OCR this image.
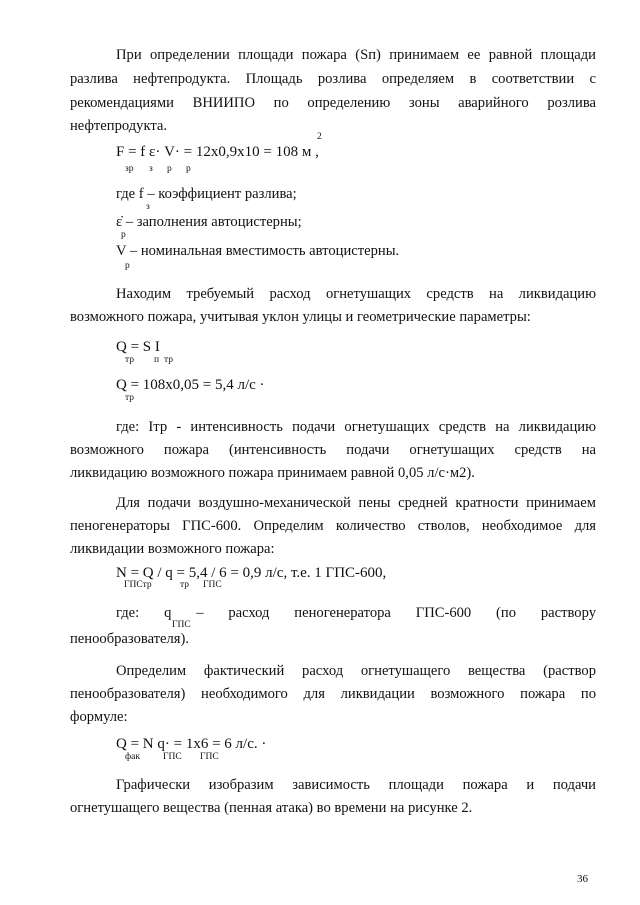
При определении площади пожара (Sп) принимаем ее равной площади
разлива нефтепродукта. Площадь розлива определяем в соответствии с
рекомендациями ВНИИПО по определению зоны аварийного розлива
нефтепродукта.
F = f ε· V· = 12х0,9х10 = 108 м ,
2
зр з р р
где f – коэффициент разлива;
з
ε̇ – заполнения автоцистерны;
р
V – номинальная вместимость автоцистерны.
р
Находим требуемый расход огнетушащих средств на ликвидацию
возможного пожара, учитывая уклон улицы и геометрические параметры:
Q = S I
тр п тр
Q = 108х0,05 = 5,4 л/с ·
тр
где: Iтр - интенсивность подачи огнетушащих средств на ликвидацию
возможного пожара (интенсивность подачи огнетушащих средств на
ликвидацию возможного пожара принимаем равной 0,05 л/с·м2).
Для подачи воздушно-механической пены средней кратности принимаем
пеногенераторы ГПС-600. Определим количество стволов, необходимое для
ликвидации возможного пожара:
N = Q / q = 5,4 / 6 = 0,9 л/с, т.е. 1 ГПС-600,
ГПСтр	тр ГПС
где: q – расход пеногенератора ГПС-600 (по раствору
ГПС
пенообразователя).
Определим фактический расход огнетушащего вещества (раствор
пенообразователя) необходимого для ликвидации возможного пожара по
формуле:
Q = N q· = 1х6 = 6 л/с. ·
фак ГПС ГПС
Графически изобразим зависимость площади пожара и подачи
огнетушащего вещества (пенная атака) во времени на рисунке 2.
36
